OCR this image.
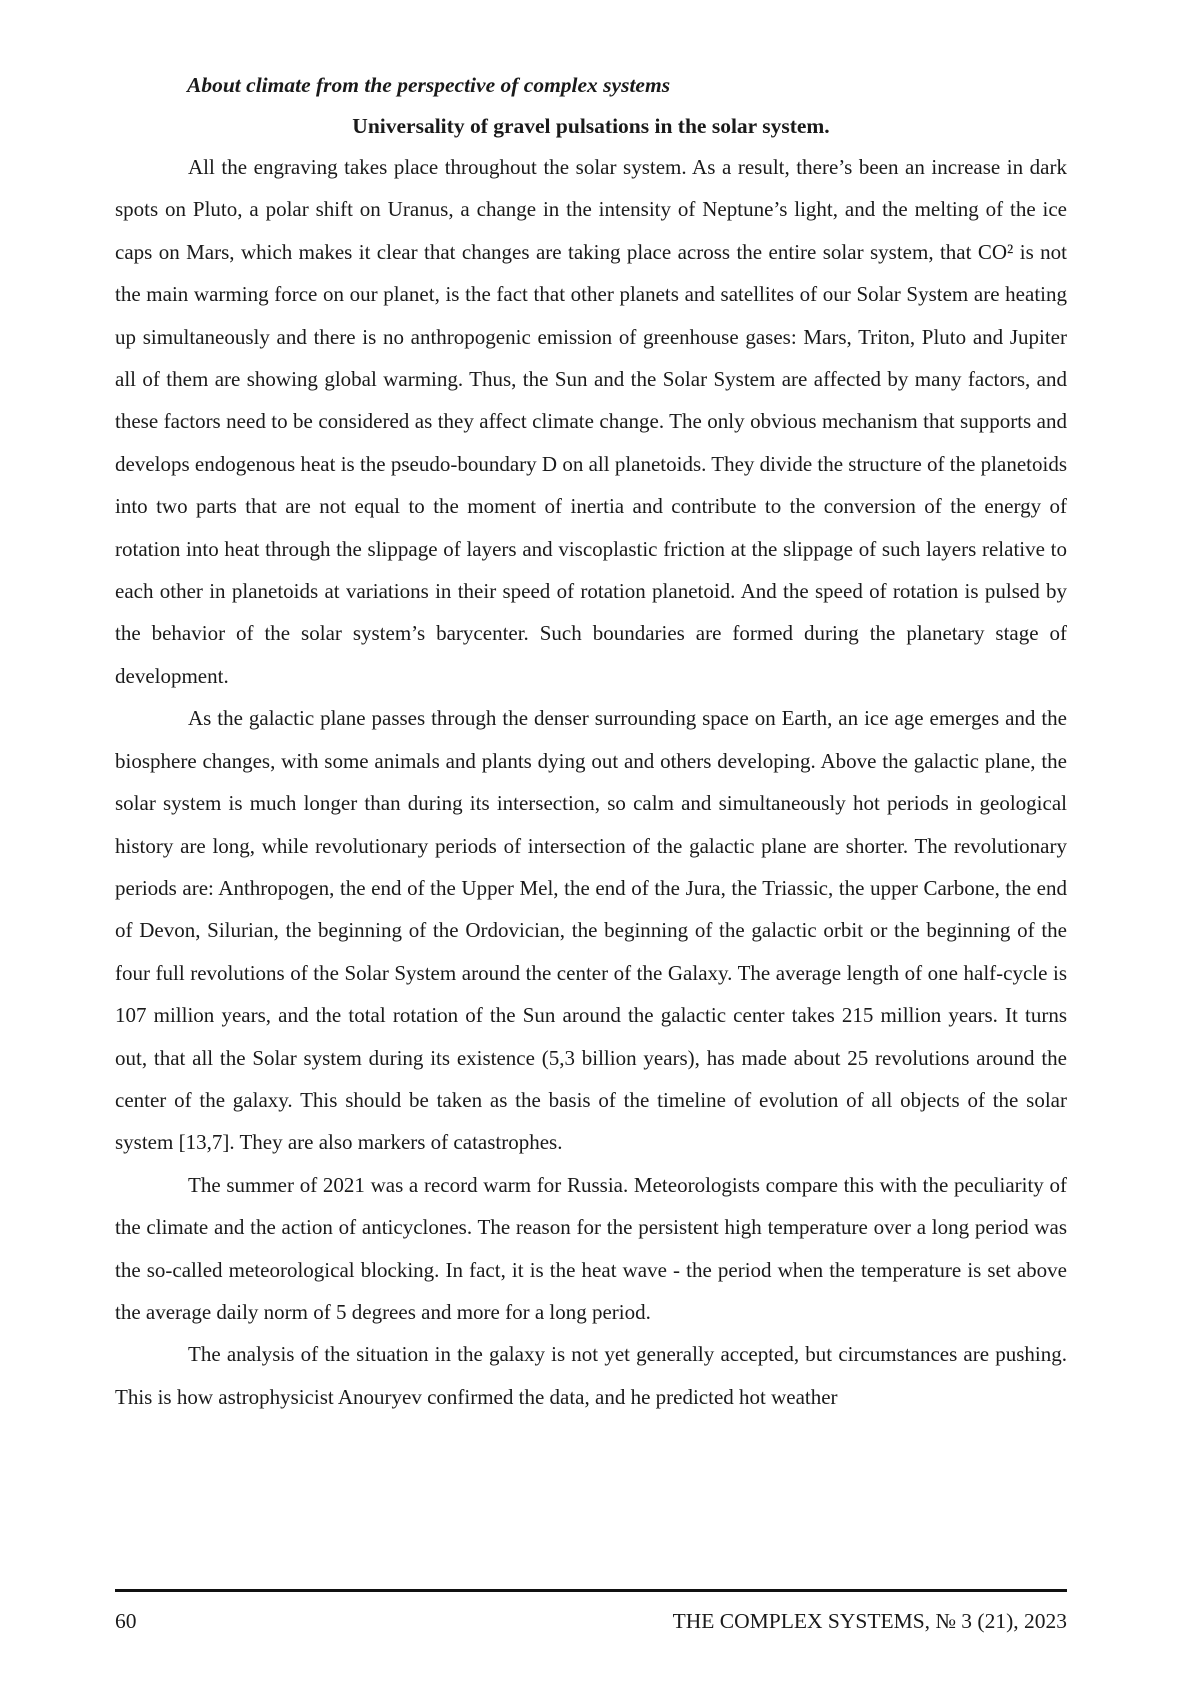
About climate from the perspective of complex systems
Universality of gravel pulsations in the solar system.

All the engraving takes place throughout the solar system. As a result, there’s been an increase in dark spots on Pluto, a polar shift on Uranus, a change in the intensity of Neptune’s light, and the melting of the ice caps on Mars, which makes it clear that changes are taking place across the entire solar system, that CO² is not the main warming force on our planet, is the fact that other planets and satellites of our Solar System are heating up simultaneously and there is no anthropogenic emission of greenhouse gases: Mars, Triton, Pluto and Jupiter all of them are showing global warming. Thus, the Sun and the Solar System are affected by many factors, and these factors need to be considered as they affect climate change. The only obvious mechanism that supports and develops endogenous heat is the pseudo-boundary D on all planetoids. They divide the structure of the planetoids into two parts that are not equal to the moment of inertia and contribute to the conversion of the energy of rotation into heat through the slippage of layers and viscoplastic friction at the slippage of such layers relative to each other in planetoids at variations in their speed of rotation planetoid. And the speed of rotation is pulsed by the behavior of the solar system’s barycenter. Such boundaries are formed during the planetary stage of development.

As the galactic plane passes through the denser surrounding space on Earth, an ice age emerges and the biosphere changes, with some animals and plants dying out and others developing. Above the galactic plane, the solar system is much longer than during its intersection, so calm and simultaneously hot periods in geological history are long, while revolutionary periods of intersection of the galactic plane are shorter. The revolutionary periods are: Anthropogen, the end of the Upper Mel, the end of the Jura, the Triassic, the upper Carbone, the end of Devon, Silurian, the beginning of the Ordovician, the beginning of the galactic orbit or the beginning of the four full revolutions of the Solar System around the center of the Galaxy. The average length of one half-cycle is 107 million years, and the total rotation of the Sun around the galactic center takes 215 million years. It turns out, that all the Solar system during its existence (5,3 billion years), has made about 25 revolutions around the center of the galaxy. This should be taken as the basis of the timeline of evolution of all objects of the solar system [13,7]. They are also markers of catastrophes.

The summer of 2021 was a record warm for Russia. Meteorologists compare this with the peculiarity of the climate and the action of anticyclones. The reason for the persistent high temperature over a long period was the so-called meteorological blocking. In fact, it is the heat wave - the period when the temperature is set above the average daily norm of 5 degrees and more for a long period.

The analysis of the situation in the galaxy is not yet generally accepted, but circumstances are pushing. This is how astrophysicist Anouryev confirmed the data, and he predicted hot weather

60	THE COMPLEX SYSTEMS, № 3 (21), 2023
